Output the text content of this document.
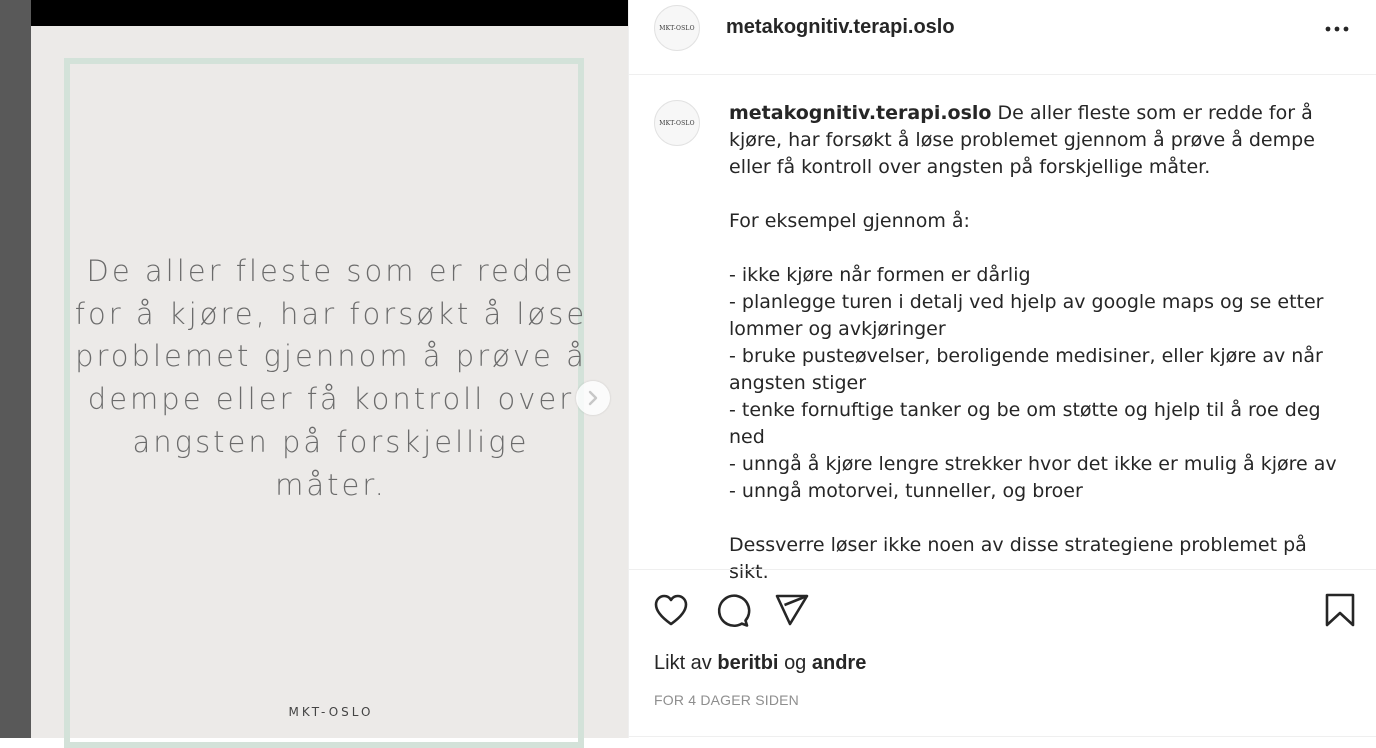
De aller fleste som er redde for å kjøre, har forsøkt å løse problemet gjennom å prøve å dempe eller få kontroll over angsten på forskjellige måter.
MKT-OSLO
MKT-OSLO metakognitiv.terapi.oslo
MKT-OSLO metakognitiv.terapi.oslo De aller fleste som er redde for å kjøre, har forsøkt å løse problemet gjennom å prøve å dempe eller få kontroll over angsten på forskjellige måter.

For eksempel gjennom å:

- ikke kjøre når formen er dårlig
- planlegge turen i detalj ved hjelp av google maps og se etter lommer og avkjøringer
- bruke pusteøvelser, beroligende medisiner, eller kjøre av når angsten stiger
- tenke fornuftige tanker og be om støtte og hjelp til å roe deg ned
- unngå å kjøre lengre strekker hvor det ikke er mulig å kjøre av
- unngå motorvei, tunneller, og broer

Dessverre løser ikke noen av disse strategiene problemet på sikt.
Likt av beritbi og andre
FOR 4 DAGER SIDEN
